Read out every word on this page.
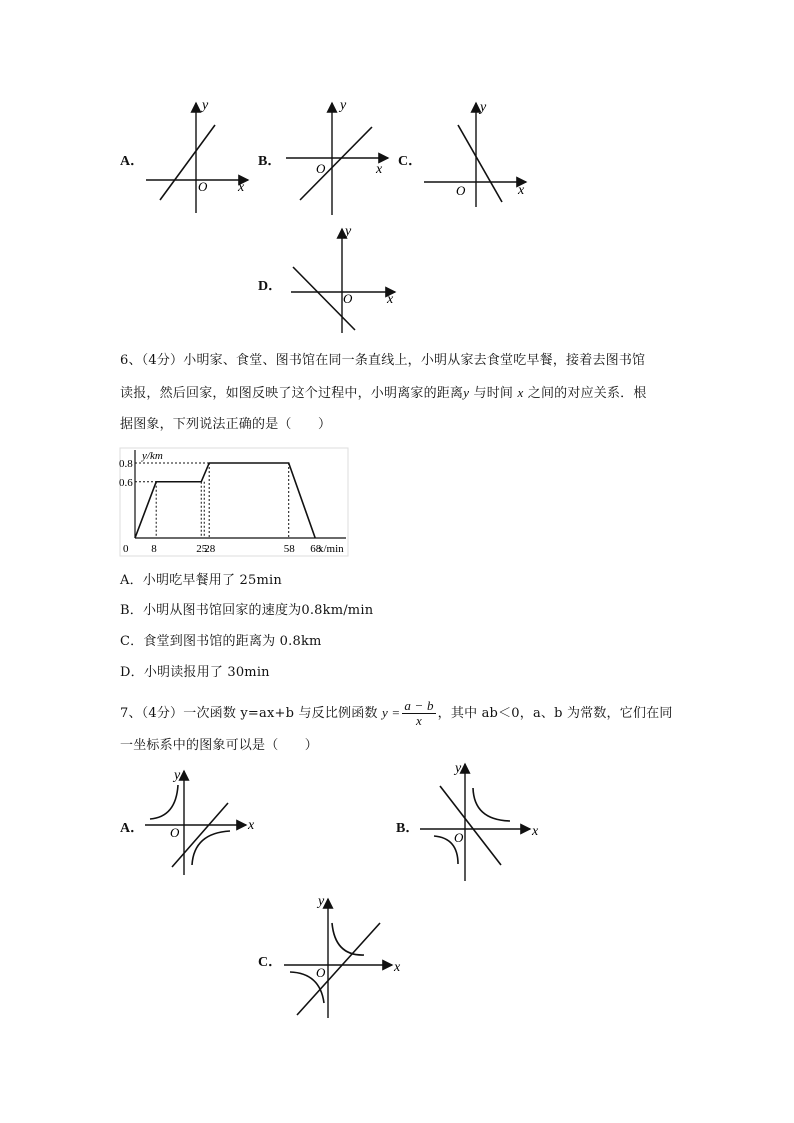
A．
x
y
O
B．
x
y
O	C．
x
y
O
D．
x
y
O
6、（4分）小明家、食堂、图书馆在同一条直线上，小明从家去食堂吃早餐，接着去图书馆
读报，然后回家，如图反映了这个过程中，小明离家的距离y 与时间 x 之间的对应关系．根
据图象，下列说法正确的是（　　）
0 8	25
28	58 68
0.6
0.8
x/min
y/km
A．小明吃早餐用了 25min
B．小明从图书馆回家的速度为0.8km/min
C．食堂到图书馆的距离为 0.8km
D．小明读报用了 30min
7、（4分）一次函数 y=ax+b 与反比例函数 $y = \frac{a - b}{x}$ ，其中 ab＜0，a、b 为常数，它们在同
一坐标系中的图象可以是（　　）
A．	x
y
O	B．	x
y
O
C．	x
y
O
